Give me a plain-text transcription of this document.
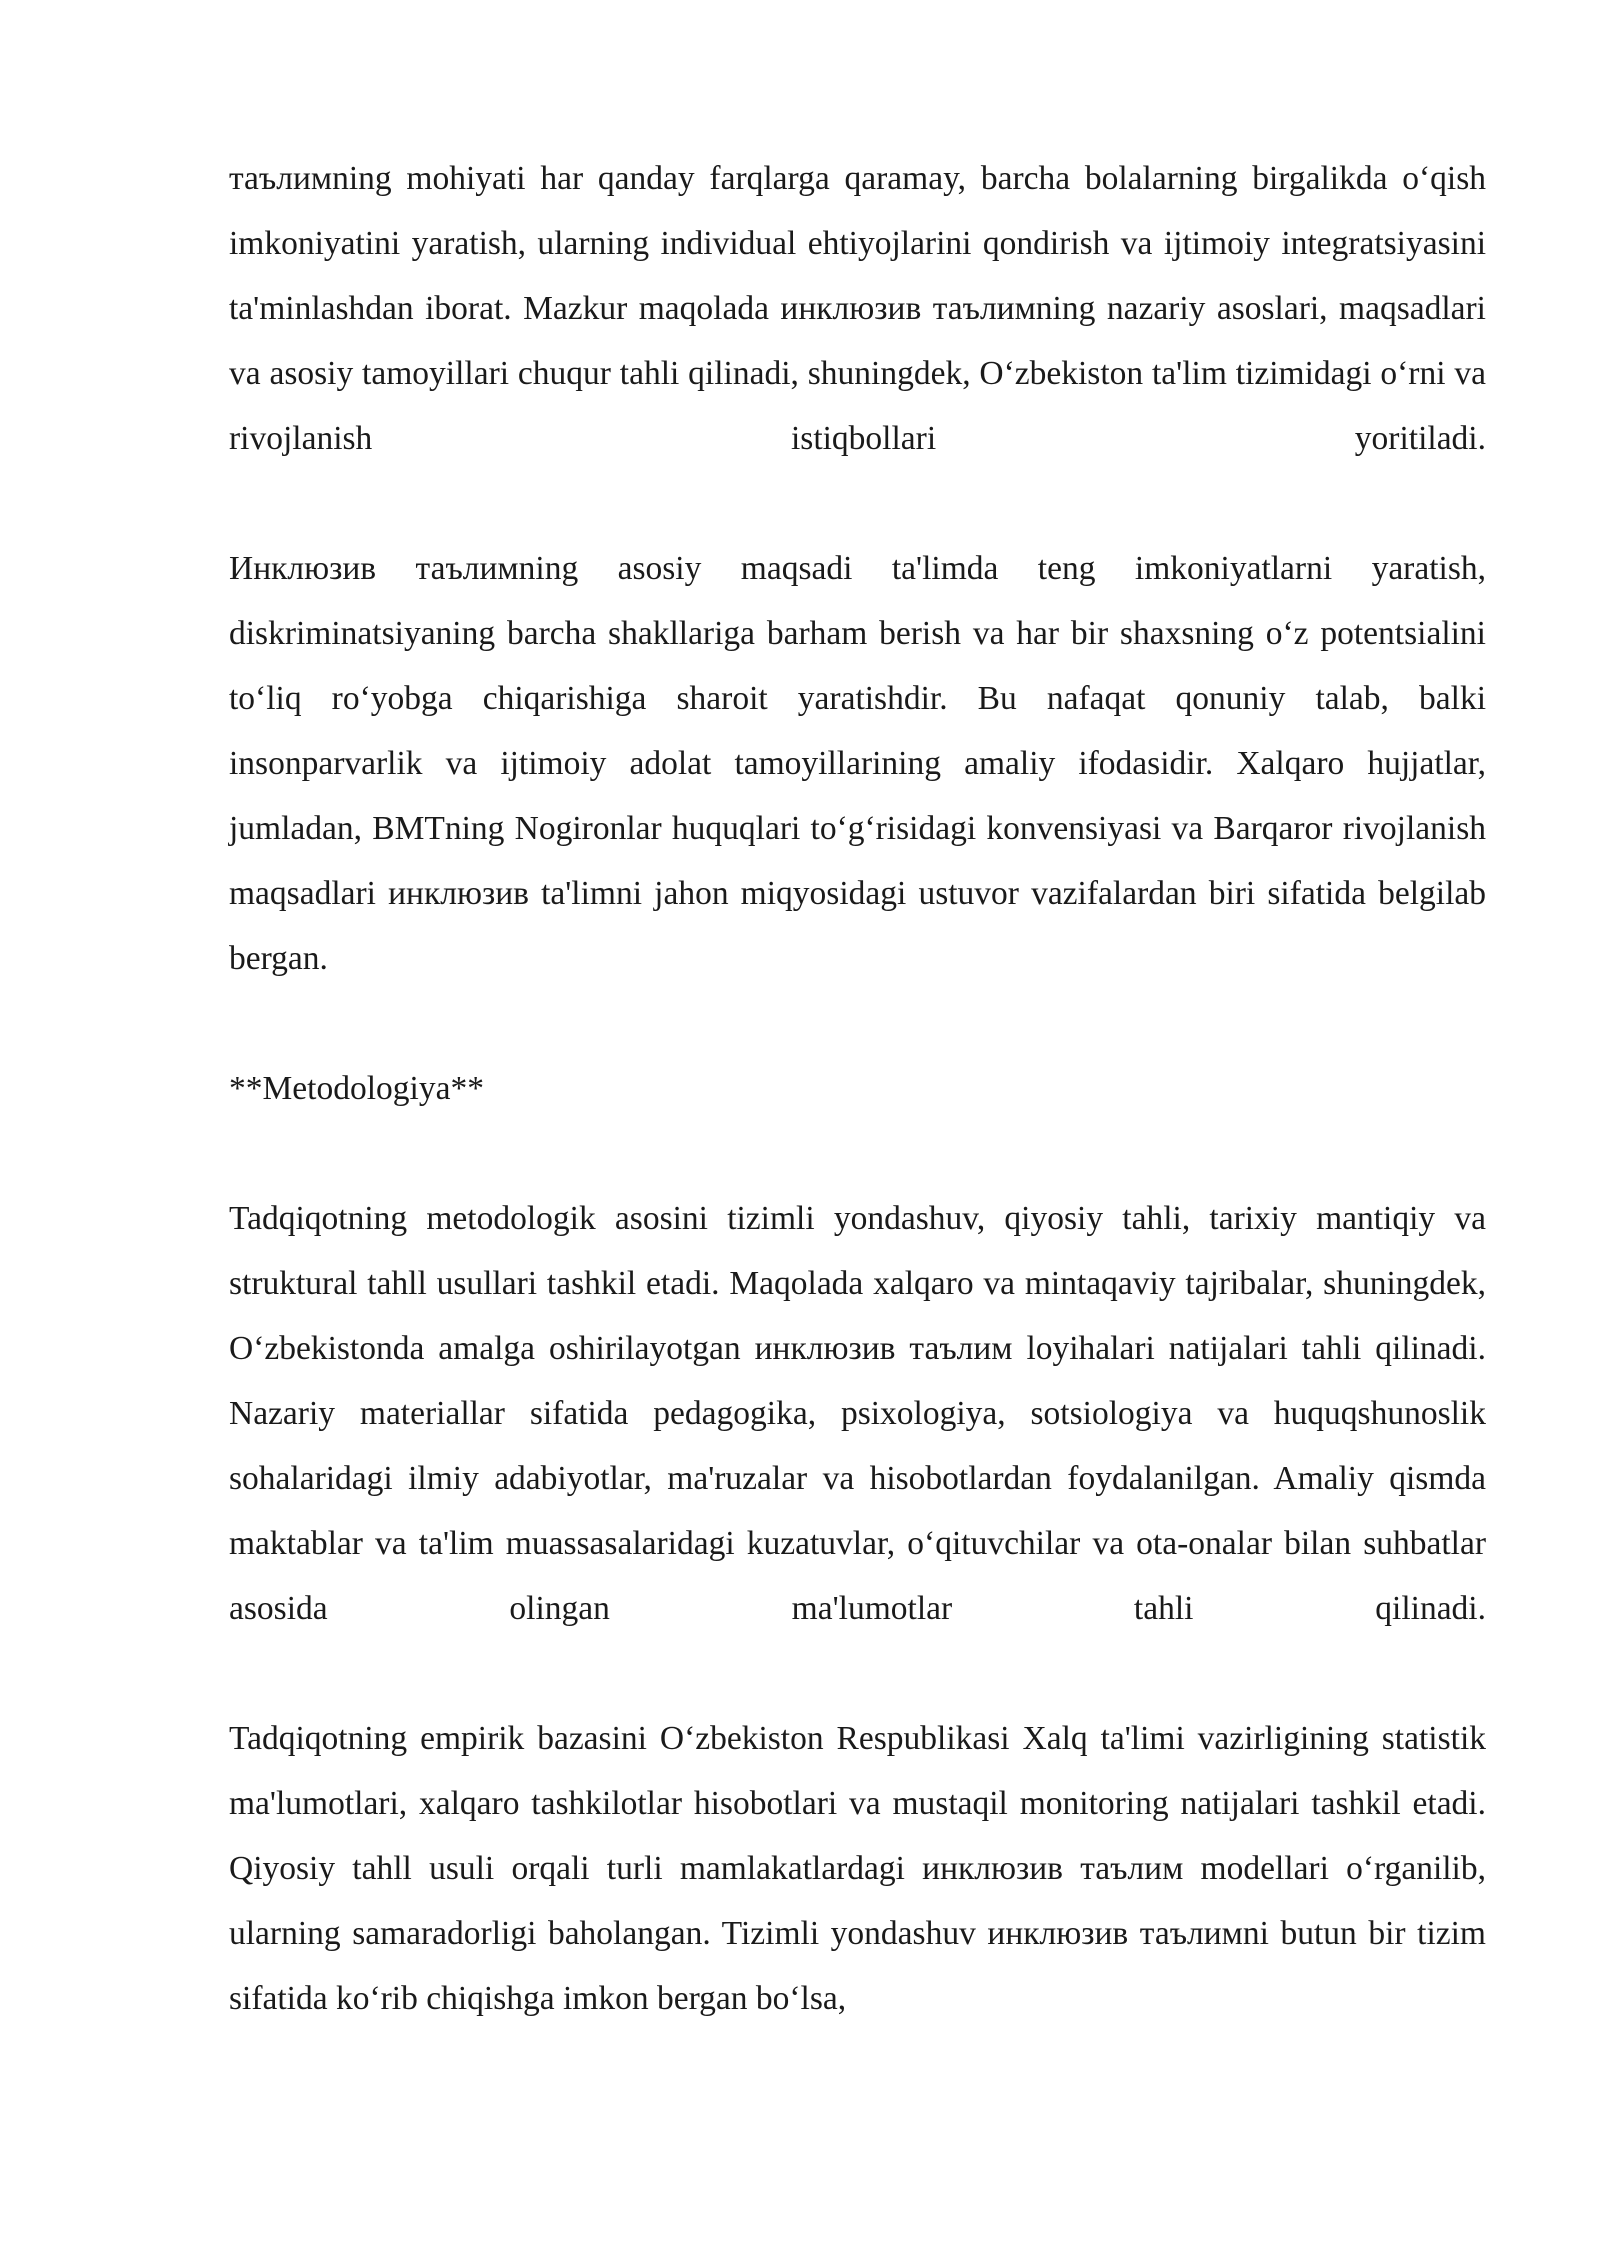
таълимning mohiyati har qanday farqlarga qaramay, barcha bolalarning birgalikda o‘qish imkoniyatini yaratish, ularning individual ehtiyojlarini qondirish va ijtimoiy integratsiyasini ta'minlashdan iborat. Mazkur maqolada инклюзив таълимning nazariy asoslari, maqsadlari va asosiy tamoyillari chuqur tahli qilinadi, shuningdek, O‘zbekiston ta'lim tizimidagi o‘rni va rivojlanish istiqbollari yoritiladi.

Инклюзив таълимning asosiy maqsadi ta'limda teng imkoniyatlarni yaratish, diskriminatsiyaning barcha shakllariga barham berish va har bir shaxsning o‘z potentsialini to‘liq ro‘yobga chiqarishiga sharoit yaratishdir. Bu nafaqat qonuniy talab, balki insonparvarlik va ijtimoiy adolat tamoyillarining amaliy ifodasidir. Xalqaro hujjatlar, jumladan, BMTning Nogironlar huquqlari to‘g‘risidagi konvensiyasi va Barqaror rivojlanish maqsadlari инклюзив ta'limni jahon miqyosidagi ustuvor vazifalardan biri sifatida belgilab bergan.

**Metodologiya**

Tadqiqotning metodologik asosini tizimli yondashuv, qiyosiy tahli, tarixiy mantiqiy va struktural tahll usullari tashkil etadi. Maqolada xalqaro va mintaqaviy tajribalar, shuningdek, O‘zbekistonda amalga oshirilayotgan инклюзив таълим loyihalari natijalari tahli qilinadi. Nazariy materiallar sifatida pedagogika, psixologiya, sotsiologiya va huquqshunoslik sohalaridagi ilmiy adabiyotlar, ma'ruzalar va hisobotlardan foydalanilgan. Amaliy qismda maktablar va ta'lim muassasalaridagi kuzatuvlar, o‘qituvchilar va ota-onalar bilan suhbatlar asosida olingan ma'lumotlar tahli qilinadi.

Tadqiqotning empirik bazasini O‘zbekiston Respublikasi Xalq ta'limi vazirligining statistik ma'lumotlari, xalqaro tashkilotlar hisobotlari va mustaqil monitoring natijalari tashkil etadi. Qiyosiy tahll usuli orqali turli mamlakatlardagi инклюзив таълим modellari o‘rganilib, ularning samaradorligi baholangan. Tizimli yondashuv инклюзив таълимni butun bir tizim sifatida ko‘rib chiqishga imkon bergan bo‘lsa,
